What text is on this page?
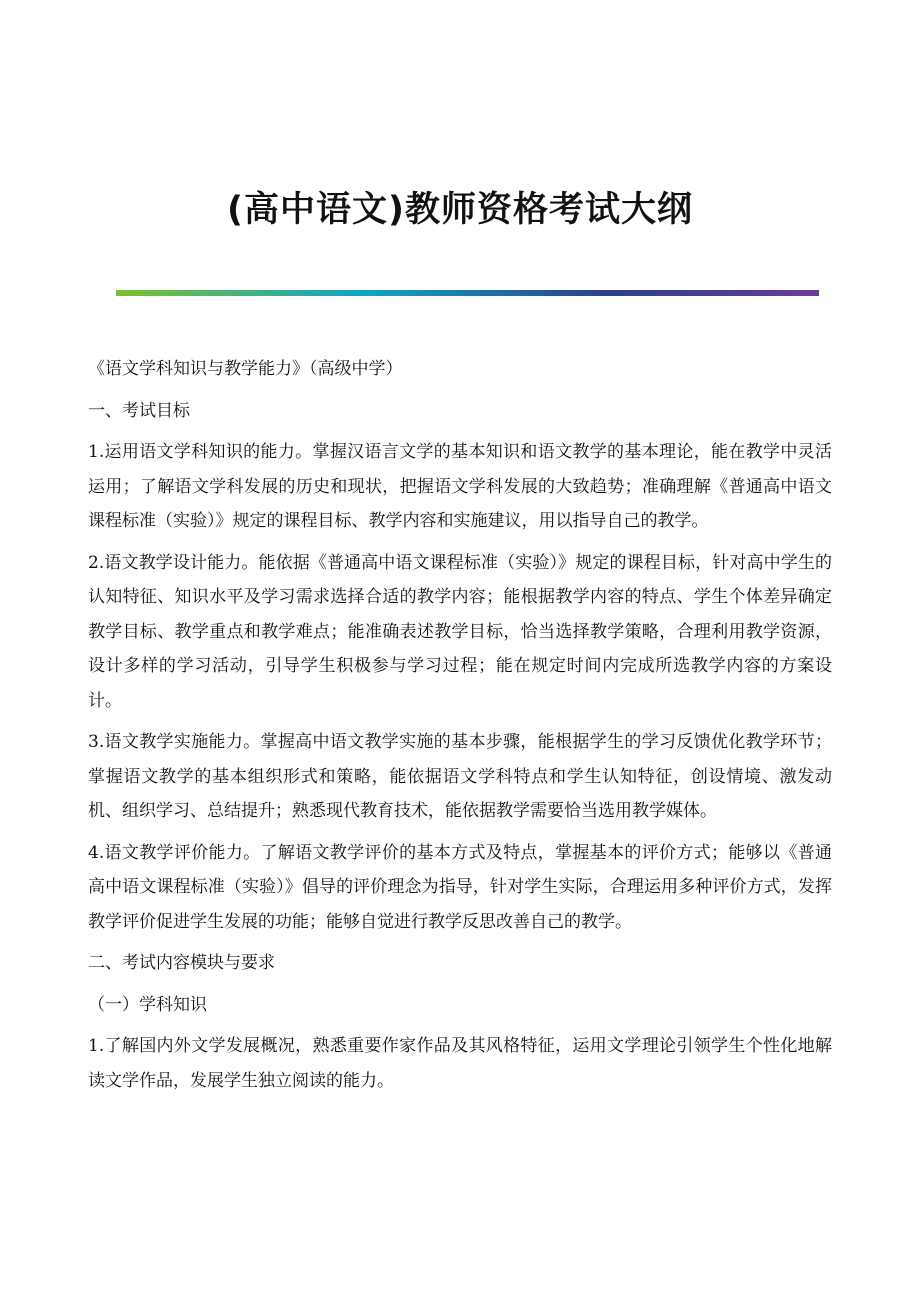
(高中语文)教师资格考试大纲

《语文学科知识与教学能力》（高级中学）

一、考试目标

1.运用语文学科知识的能力。掌握汉语言文学的基本知识和语文教学的基本理论，能在教学中灵活运用；了解语文学科发展的历史和现状，把握语文学科发展的大致趋势；准确理解《普通高中语文课程标准（实验）》规定的课程目标、教学内容和实施建议，用以指导自己的教学。

2.语文教学设计能力。能依据《普通高中语文课程标准（实验）》规定的课程目标，针对高中学生的认知特征、知识水平及学习需求选择合适的教学内容；能根据教学内容的特点、学生个体差异确定教学目标、教学重点和教学难点；能准确表述教学目标，恰当选择教学策略，合理利用教学资源，设计多样的学习活动，引导学生积极参与学习过程；能在规定时间内完成所选教学内容的方案设计。

3.语文教学实施能力。掌握高中语文教学实施的基本步骤，能根据学生的学习反馈优化教学环节；掌握语文教学的基本组织形式和策略，能依据语文学科特点和学生认知特征，创设情境、激发动机、组织学习、总结提升；熟悉现代教育技术，能依据教学需要恰当选用教学媒体。

4.语文教学评价能力。了解语文教学评价的基本方式及特点，掌握基本的评价方式；能够以《普通高中语文课程标准（实验）》倡导的评价理念为指导，针对学生实际，合理运用多种评价方式，发挥教学评价促进学生发展的功能；能够自觉进行教学反思改善自己的教学。

二、考试内容模块与要求

（一）学科知识

1.了解国内外文学发展概况，熟悉重要作家作品及其风格特征，运用文学理论引领学生个性化地解读文学作品，发展学生独立阅读的能力。
